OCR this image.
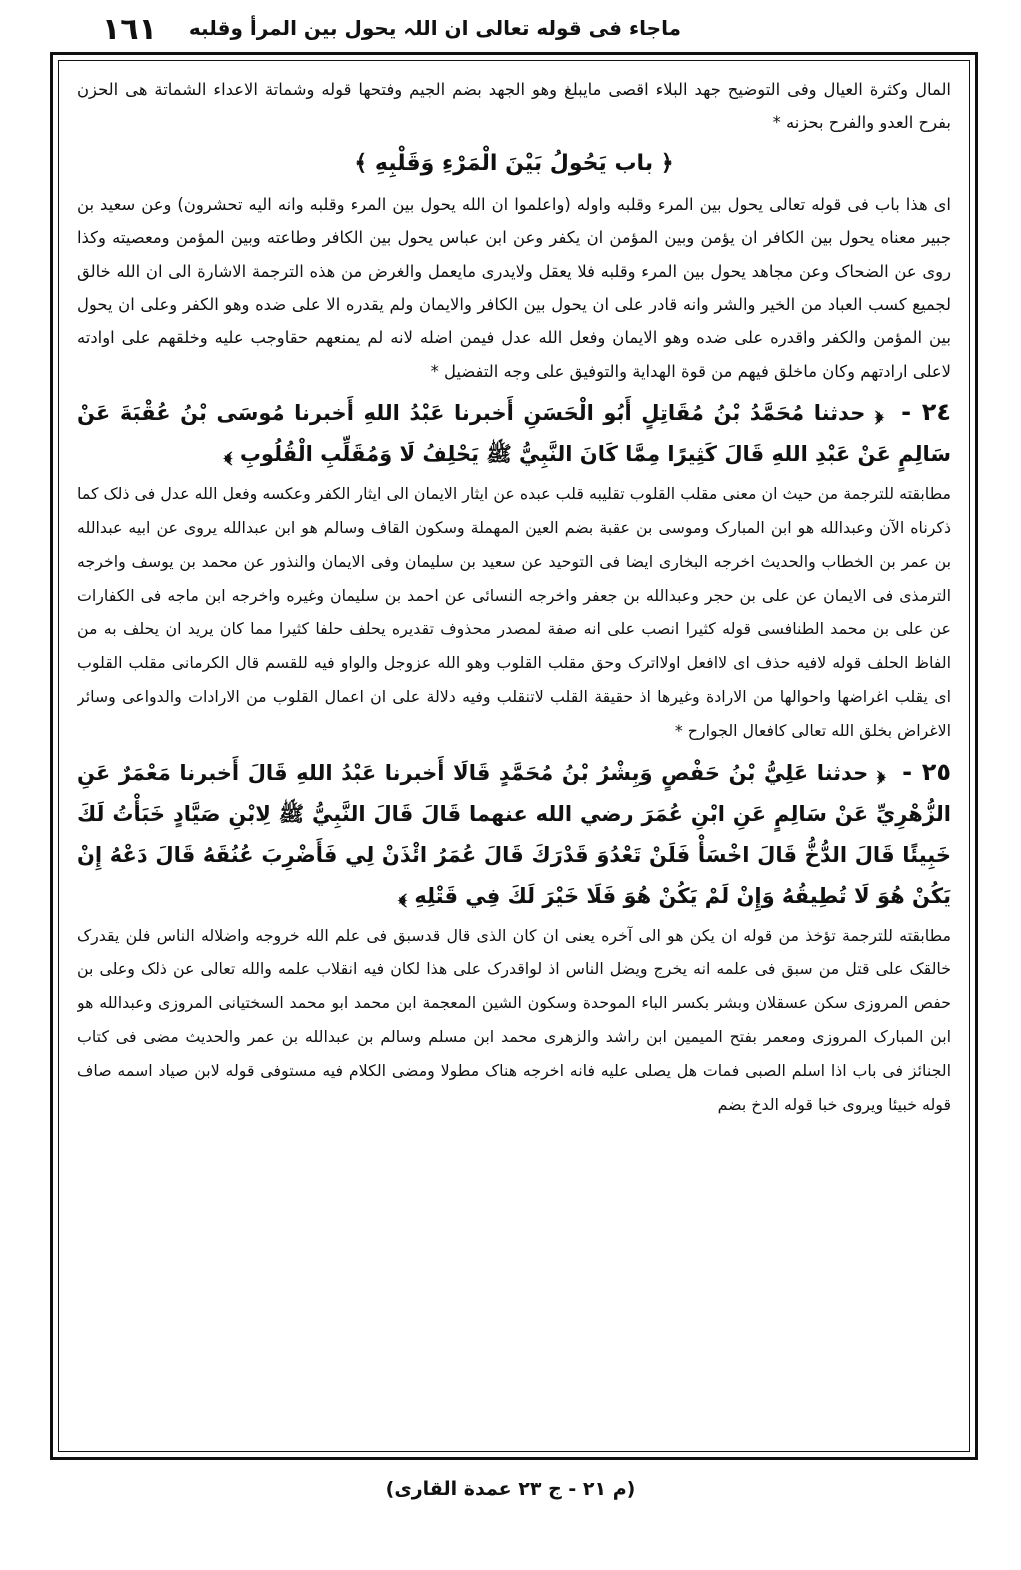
١٦١ ماجاء فی قوله تعالی ان اللہ یحول بین المرأ وقلبه

المال وکثرة العیال وفی التوضیح جهد البلاء اقصی مایبلغ وهو الجهد بضم الجیم وفتحها قوله وشماتة الاعداء الشماتة هی الحزن بفرح العدو والفرح بحزنه *

﴿ باب يَحُولُ بَيْنَ الْمَرْءِ وَقَلْبِهِ ﴾

ای هذا باب فی قوله تعالی یحول بین المرء وقلبه واوله (واعلموا ان الله یحول بین المرء وقلبه وانه الیه تحشرون) وعن سعید بن جبیر معناه یحول بین الکافر ان یؤمن وبین المؤمن ان یکفر وعن ابن عباس یحول بین الکافر وطاعته وبین المؤمن ومعصیته وکذا روی عن الضحاک وعن مجاهد یحول بین المرء وقلبه فلا یعقل ولایدری مایعمل والغرض من هذه الترجمة الاشارة الی ان الله خالق لجمیع کسب العباد من الخیر والشر وانه قادر علی ان یحول بین الکافر والایمان ولم یقدره الا علی ضده وهو الکفر وعلی ان یحول بین المؤمن والکفر واقدره علی ضده وهو الایمان وفعل الله عدل فیمن اضله لانه لم یمنعهم حقاوجب علیه وخلقهم علی اوادته لاعلی ارادتهم وکان ماخلق فیهم من قوة الهدایة والتوفیق علی وجه التفضیل *

٢٤ - ﴿ حدثنا مُحَمَّدُ بْنُ مُقَاتِلٍ أَبُو الْحَسَنِ أَخبرنا عَبْدُ اللهِ أَخبرنا مُوسَى بْنُ عُقْبَةَ عَنْ سَالِمٍ عَنْ عَبْدِ اللهِ قَالَ كَثِيرًا مِمَّا كَانَ النَّبِيُّ ﷺ يَحْلِفُ لَا وَمُقَلِّبِ الْقُلُوبِ ﴾

مطابقته للترجمة من حیث ان معنی مقلب القلوب تقلیبه قلب عبده عن ایثار الایمان الی ایثار الکفر وعکسه وفعل الله عدل فی ذلک کما ذکرناه الآن وعبدالله هو ابن المبارک وموسی بن عقبة بضم العین المهملة وسکون القاف وسالم هو ابن عبدالله یروی عن ابیه عبدالله بن عمر بن الخطاب والحدیث اخرجه البخاری ایضا فی التوحید عن سعید بن سلیمان وفی الایمان والنذور عن محمد بن یوسف واخرجه الترمذی فی الایمان عن علی بن حجر وعبدالله بن جعفر واخرجه النسائی عن احمد بن سلیمان وغیره واخرجه ابن ماجه فی الکفارات عن علی بن محمد الطنافسی قوله کثیرا انصب علی انه صفة لمصدر محذوف تقدیره یحلف حلفا کثیرا مما کان یرید ان یحلف به من الفاظ الحلف قوله لافیه حذف ای لاافعل اولااترک وحق مقلب القلوب وهو الله عزوجل والواو فیه للقسم قال الکرمانی مقلب القلوب ای یقلب اغراضها واحوالها من الارادة وغیرها اذ حقیقة القلب لاتنقلب وفیه دلالة علی ان اعمال القلوب من الارادات والدواعی وسائر الاغراض بخلق الله تعالی کافعال الجوارح *

٢٥ - ﴿ حدثنا عَلِيُّ بْنُ حَفْصٍ وَبِشْرُ بْنُ مُحَمَّدٍ قَالَا أَخبرنا عَبْدُ اللهِ قَالَ أَخبرنا مَعْمَرٌ عَنِ الزُّهْرِيِّ عَنْ سَالِمٍ عَنِ ابْنِ عُمَرَ رضي الله عنهما قَالَ قَالَ النَّبِيُّ ﷺ لِابْنِ صَيَّادٍ خَبَأْتُ لَكَ خَبِيئًا قَالَ الدُّخُّ قَالَ اخْسَأْ فَلَنْ تَعْدُوَ قَدْرَكَ قَالَ عُمَرُ ائْذَنْ لِي فَأَضْرِبَ عُنُقَهُ قَالَ دَعْهُ إِنْ يَكُنْ هُوَ لَا تُطِيقُهُ وَإِنْ لَمْ يَكُنْ هُوَ فَلَا خَيْرَ لَكَ فِي قَتْلِهِ ﴾

مطابقته للترجمة تؤخذ من قوله ان یکن هو الی آخره یعنی ان کان الذی قال قدسبق فی علم الله خروجه واضلاله الناس فلن یقدرک خالقک علی قتل من سبق فی علمه انه یخرج ویضل الناس اذ لواقدرک علی هذا لکان فیه انقلاب علمه والله تعالی عن ذلک وعلی بن حفص المروزی سکن عسقلان وبشر بکسر الباء الموحدة وسکون الشین المعجمة ابن محمد ابو محمد السختیانی المروزی وعبدالله هو ابن المبارک المروزی ومعمر بفتح المیمین ابن راشد والزهری محمد ابن مسلم وسالم بن عبدالله بن عمر والحدیث مضی فی کتاب الجنائز فی باب اذا اسلم الصبی فمات هل یصلی علیه فانه اخرجه هناک مطولا ومضی الکلام فیه مستوفی قوله لابن صیاد اسمه صاف قوله خبیئا ویروی خبا قوله الدخ بضم

(م ٢١ - ج ٢٣ عمدة القاری)
